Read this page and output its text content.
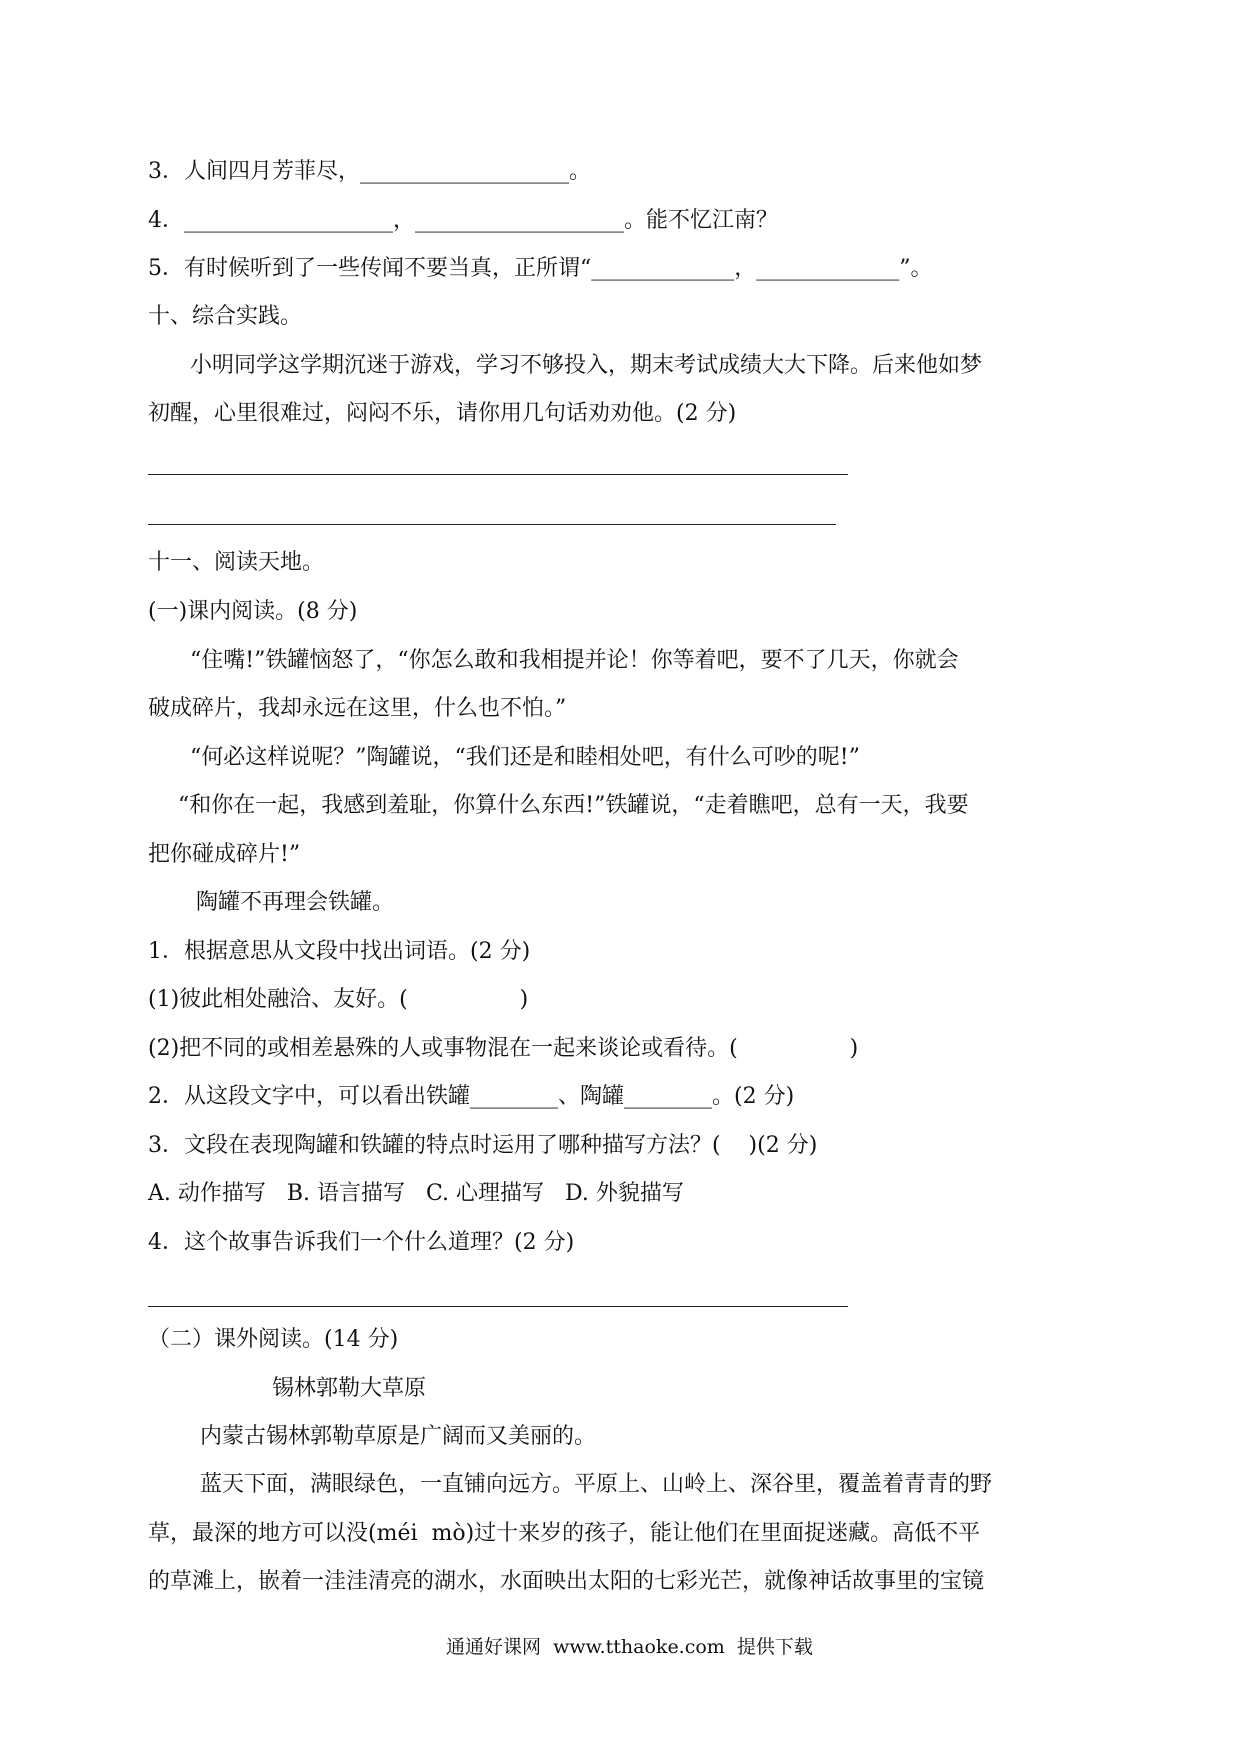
3．人间四月芳菲尽，___________________。
4．___________________，___________________。能不忆江南？
5．有时候听到了一些传闻不要当真，正所谓“_____________，_____________”。
十、综合实践。
小明同学这学期沉迷于游戏，学习不够投入，期末考试成绩大大下降。后来他如梦
初醒，心里很难过，闷闷不乐，请你用几句话劝劝他。(2 分)
十一、阅读天地。
(一)课内阅读。(8 分)
“住嘴!”铁罐恼怒了，“你怎么敢和我相提并论！你等着吧，要不了几天，你就会
破成碎片，我却永远在这里，什么也不怕。”
“何必这样说呢？”陶罐说，“我们还是和睦相处吧，有什么可吵的呢!”
“和你在一起，我感到羞耻，你算什么东西!”铁罐说，“走着瞧吧，总有一天，我要
把你碰成碎片!”
陶罐不再理会铁罐。
1．根据意思从文段中找出词语。(2 分)
(1)彼此相处融洽、友好。(                )
(2)把不同的或相差悬殊的人或事物混在一起来谈论或看待。(                )
2．从这段文字中，可以看出铁罐________、陶罐________。(2 分)
3．文段在表现陶罐和铁罐的特点时运用了哪种描写方法？(    )(2 分)
A. 动作描写   B. 语言描写   C. 心理描写   D. 外貌描写
4．这个故事告诉我们一个什么道理？(2 分)
（二）课外阅读。(14 分)
锡林郭勒大草原
内蒙古锡林郭勒草原是广阔而又美丽的。
蓝天下面，满眼绿色，一直铺向远方。平原上、山岭上、深谷里，覆盖着青青的野
草，最深的地方可以没(méi  mò)过十来岁的孩子，能让他们在里面捉迷藏。高低不平
的草滩上，嵌着一洼洼清亮的湖水，水面映出太阳的七彩光芒，就像神话故事里的宝镜
通通好课网  www.tthaoke.com  提供下载
